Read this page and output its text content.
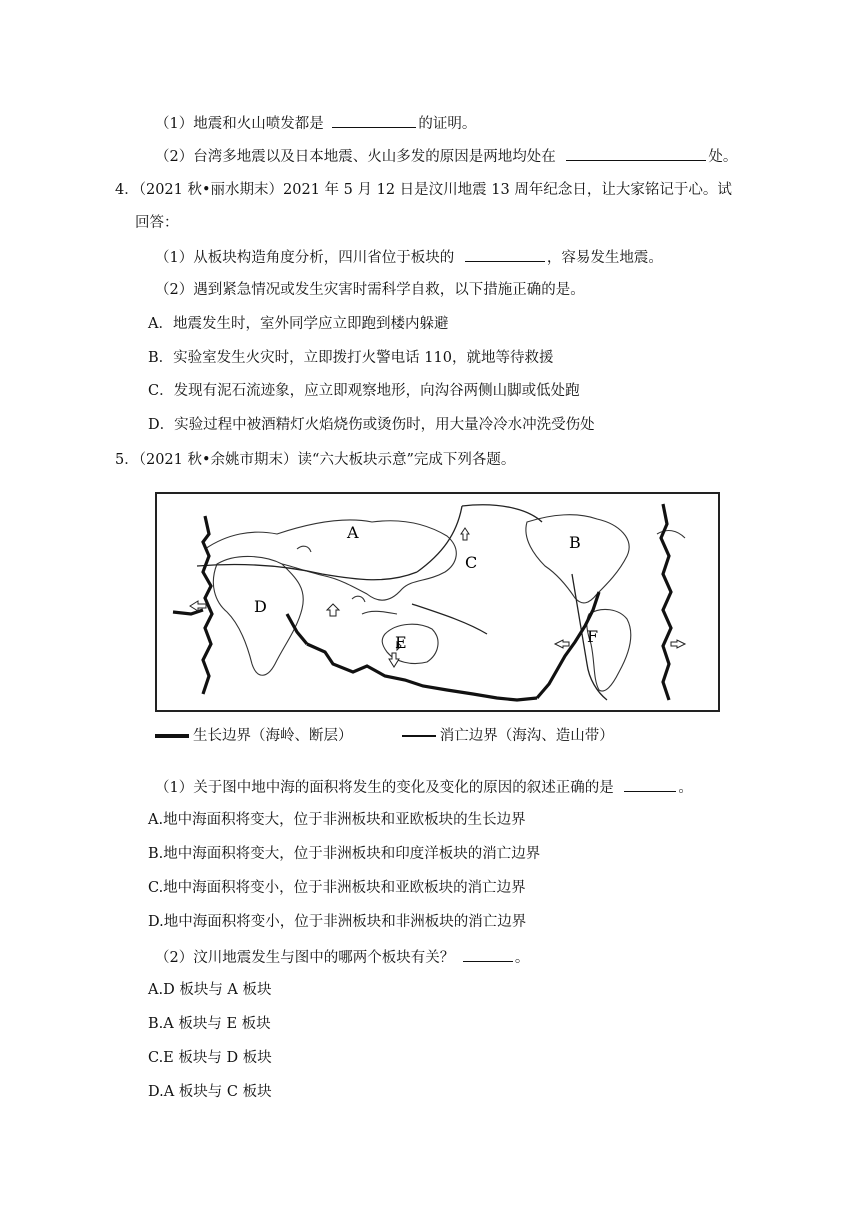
（1）地震和火山喷发都是	的证明。
（2）台湾多地震以及日本地震、火山多发的原因是两地均处在	处。
4．（2021 秋•丽水期末）2021 年 5 月 12 日是汶川地震 13 周年纪念日，让大家铭记于心。试
回答：
（1）从板块构造角度分析，四川省位于板块的	，容易发生地震。
（2）遇到紧急情况或发生灾害时需科学自救，以下措施正确的是。
A．地震发生时，室外同学应立即跑到楼内躲避
B．实验室发生火灾时，立即拨打火警电话 110，就地等待救援
C．发现有泥石流迹象，应立即观察地形，向沟谷两侧山脚或低处跑
D．实验过程中被酒精灯火焰烧伤或烫伤时，用大量冷冷水冲洗受伤处
5．（2021 秋•余姚市期末）读“六大板块示意”完成下列各题。
A
B
C
D
E	F
生长边界（海岭、断层）	消亡边界（海沟、造山带）
（1）关于图中地中海的面积将发生的变化及变化的原因的叙述正确的是	。
A.地中海面积将变大，位于非洲板块和亚欧板块的生长边界
B.地中海面积将变大，位于非洲板块和印度洋板块的消亡边界
C.地中海面积将变小，位于非洲板块和亚欧板块的消亡边界
D.地中海面积将变小，位于非洲板块和非洲板块的消亡边界
（2）汶川地震发生与图中的哪两个板块有关？	。
A.D 板块与 A 板块
B.A 板块与 E 板块
C.E 板块与 D 板块
D.A 板块与 C 板块
